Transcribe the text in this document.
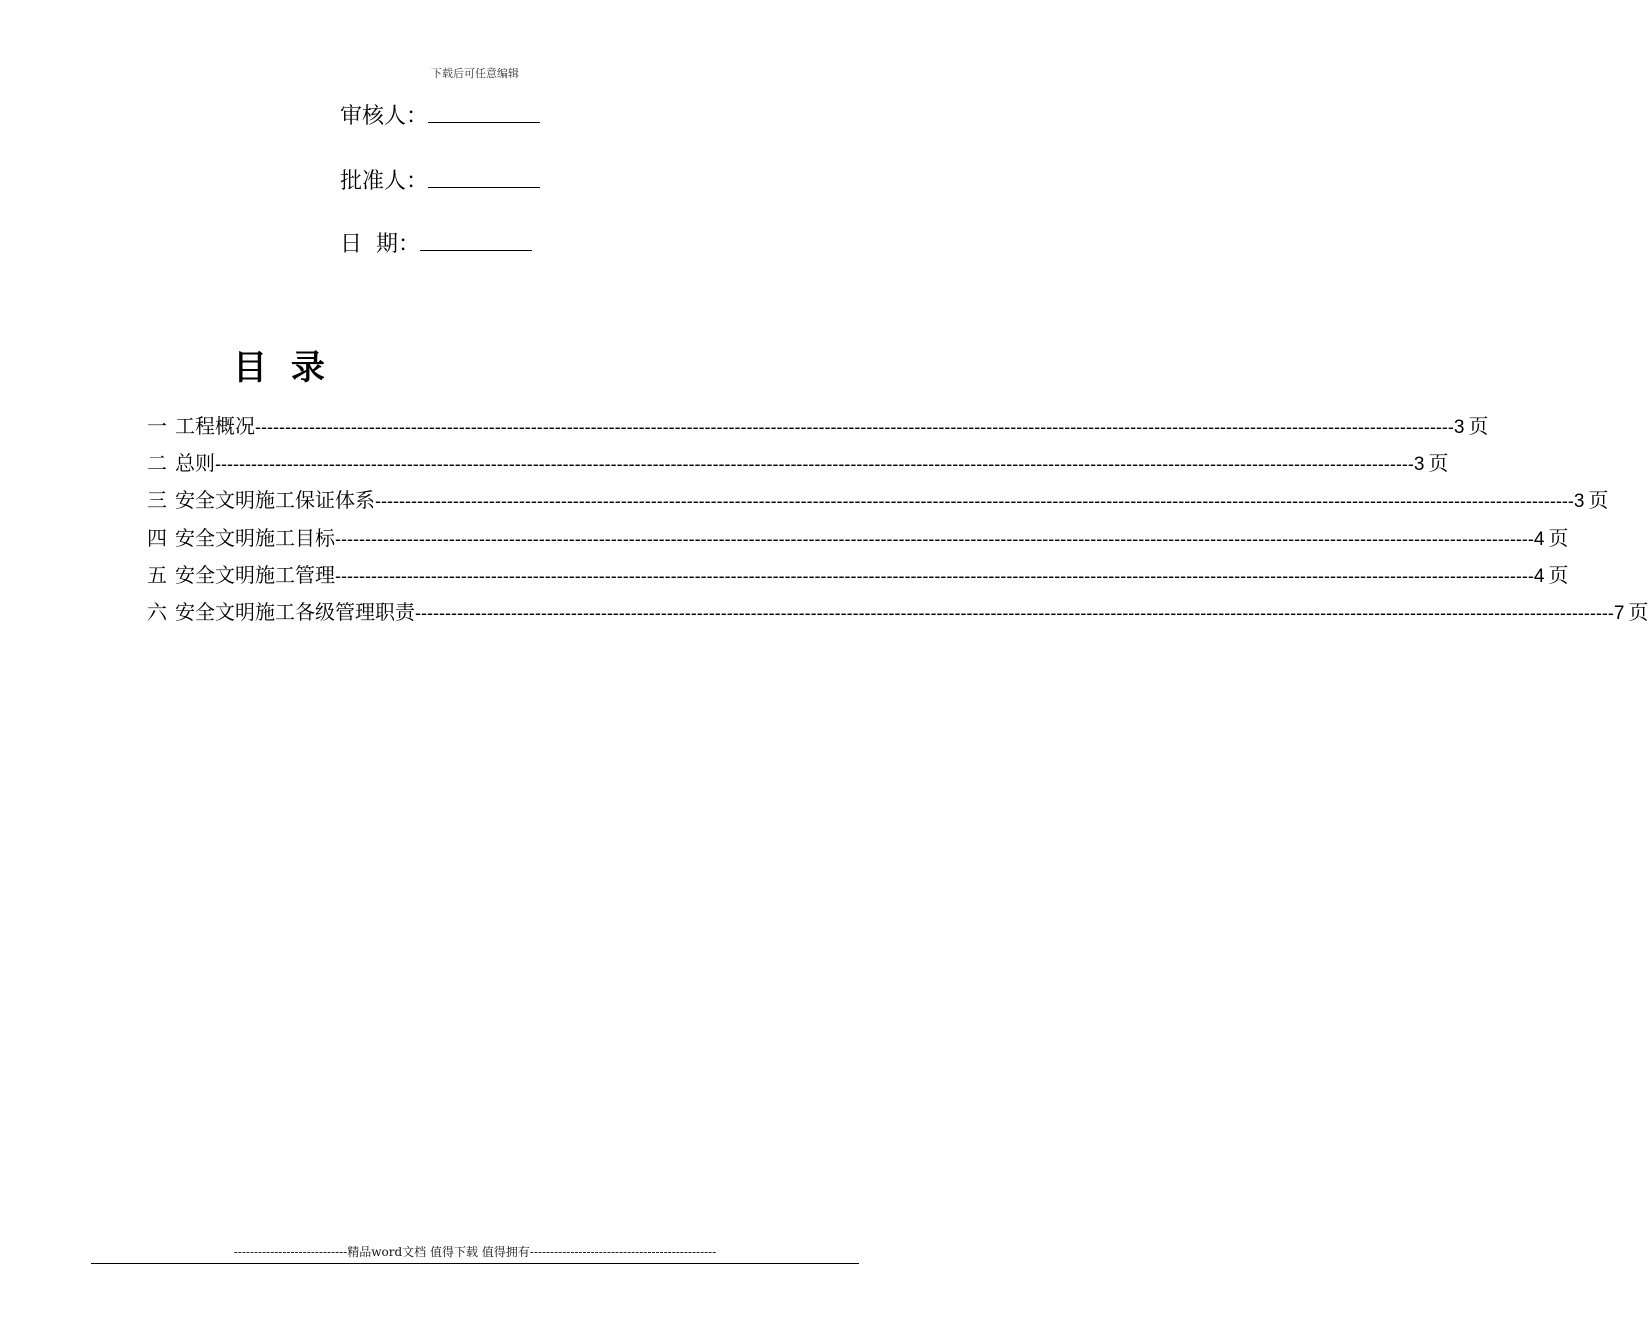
下载后可任意编辑
审核人：
批准人：
日  期：
目 录
一 工程概况 -------------------------------------------------------------------------------------------------------------------------------------------------------------------------------------------------------- 3 页
二 总则 -------------------------------------------------------------------------------------------------------------------------------------------------------------------------------------------------------- 3 页
三 安全文明施工保证体系 -------------------------------------------------------------------------------------------------------------------------------------------------------------------------------------------------------- 3 页
四 安全文明施工目标 -------------------------------------------------------------------------------------------------------------------------------------------------------------------------------------------------------- 4 页
五 安全文明施工管理 -------------------------------------------------------------------------------------------------------------------------------------------------------------------------------------------------------- 4 页
六 安全文明施工各级管理职责 -------------------------------------------------------------------------------------------------------------------------------------------------------------------------------------------------------- 7 页
----------------------------精品word文档 值得下载 值得拥有----------------------------------------------
